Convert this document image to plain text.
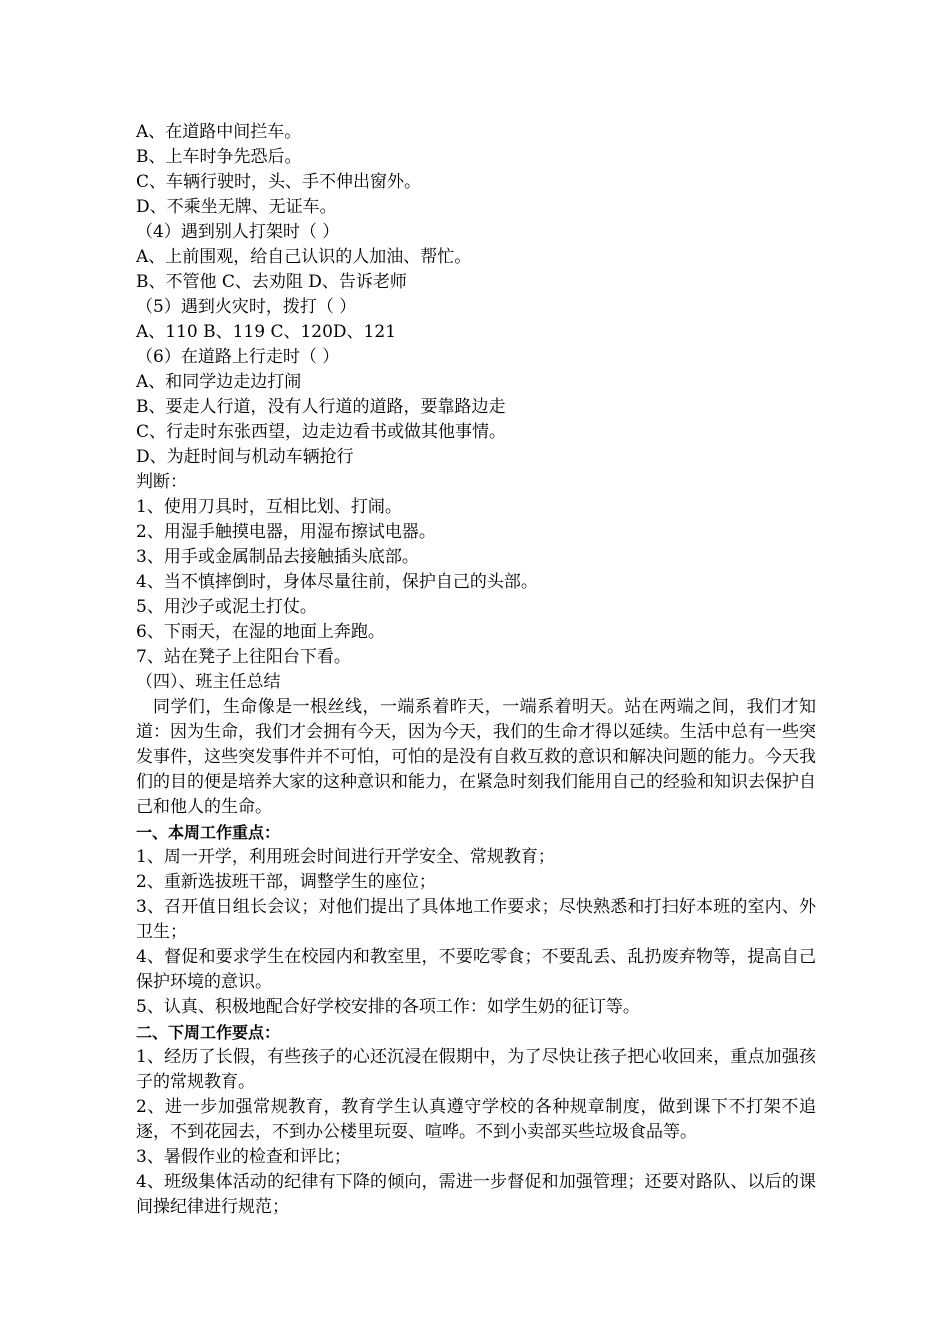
A、在道路中间拦车。
B、上车时争先恐后。
C、车辆行驶时，头、手不伸出窗外。
D、不乘坐无牌、无证车。
（4）遇到别人打架时（ ）
A、上前围观，给自己认识的人加油、帮忙。
B、不管他 C、去劝阻 D、告诉老师
（5）遇到火灾时，拨打（ ）
A、110 B、119 C、120D、121
（6）在道路上行走时（ ）
A、和同学边走边打闹
B、要走人行道，没有人行道的道路，要靠路边走
C、行走时东张西望，边走边看书或做其他事情。
D、为赶时间与机动车辆抢行
判断：
1、使用刀具时，互相比划、打闹。
2、用湿手触摸电器，用湿布擦试电器。
3、用手或金属制品去接触插头底部。
4、当不慎摔倒时，身体尽量往前，保护自己的头部。
5、用沙子或泥土打仗。
6、下雨天，在湿的地面上奔跑。
7、站在凳子上往阳台下看。
（四）、班主任总结
同学们，生命像是一根丝线，一端系着昨天，一端系着明天。站在两端之间，我们才知道：因为生命，我们才会拥有今天，因为今天，我们的生命才得以延续。生活中总有一些突发事件，这些突发事件并不可怕，可怕的是没有自救互救的意识和解决问题的能力。今天我们的目的便是培养大家的这种意识和能力，在紧急时刻我们能用自己的经验和知识去保护自己和他人的生命。
一、本周工作重点：
1、周一开学，利用班会时间进行开学安全、常规教育；
2、重新选拔班干部，调整学生的座位；
3、召开值日组长会议；对他们提出了具体地工作要求；尽快熟悉和打扫好本班的室内、外卫生；
4、督促和要求学生在校园内和教室里，不要吃零食；不要乱丢、乱扔废弃物等，提高自己保护环境的意识。
5、认真、积极地配合好学校安排的各项工作：如学生奶的征订等。
二、下周工作要点：
1、经历了长假，有些孩子的心还沉浸在假期中，为了尽快让孩子把心收回来，重点加强孩子的常规教育。
2、进一步加强常规教育，教育学生认真遵守学校的各种规章制度，做到课下不打架不追逐，不到花园去，不到办公楼里玩耍、喧哗。不到小卖部买些垃圾食品等。
3、暑假作业的检查和评比；
4、班级集体活动的纪律有下降的倾向，需进一步督促和加强管理；还要对路队、以后的课间操纪律进行规范；
